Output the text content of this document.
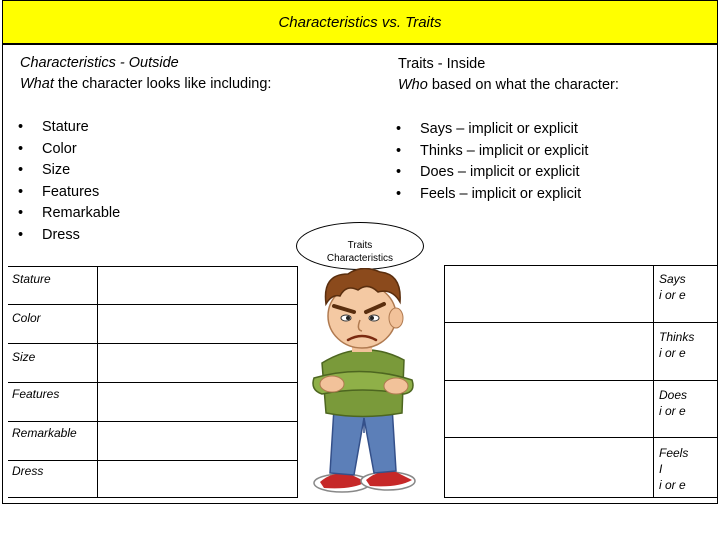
Characteristics vs. Traits
Characteristics - Outside
What the character looks like including:
Traits - Inside
Who based on what the character:
• Stature
• Color
• Size
• Features
• Remarkable
• Dress
• Says – implicit or explicit
• Thinks – implicit or explicit
• Does – implicit or explicit
• Feels – implicit or explicit
Traits
Characteristics
Stature
Color
Size
Features
Remarkable
Dress
Says
i or e
Thinks
i or e
Does
i or e
Feels
I
i or e
